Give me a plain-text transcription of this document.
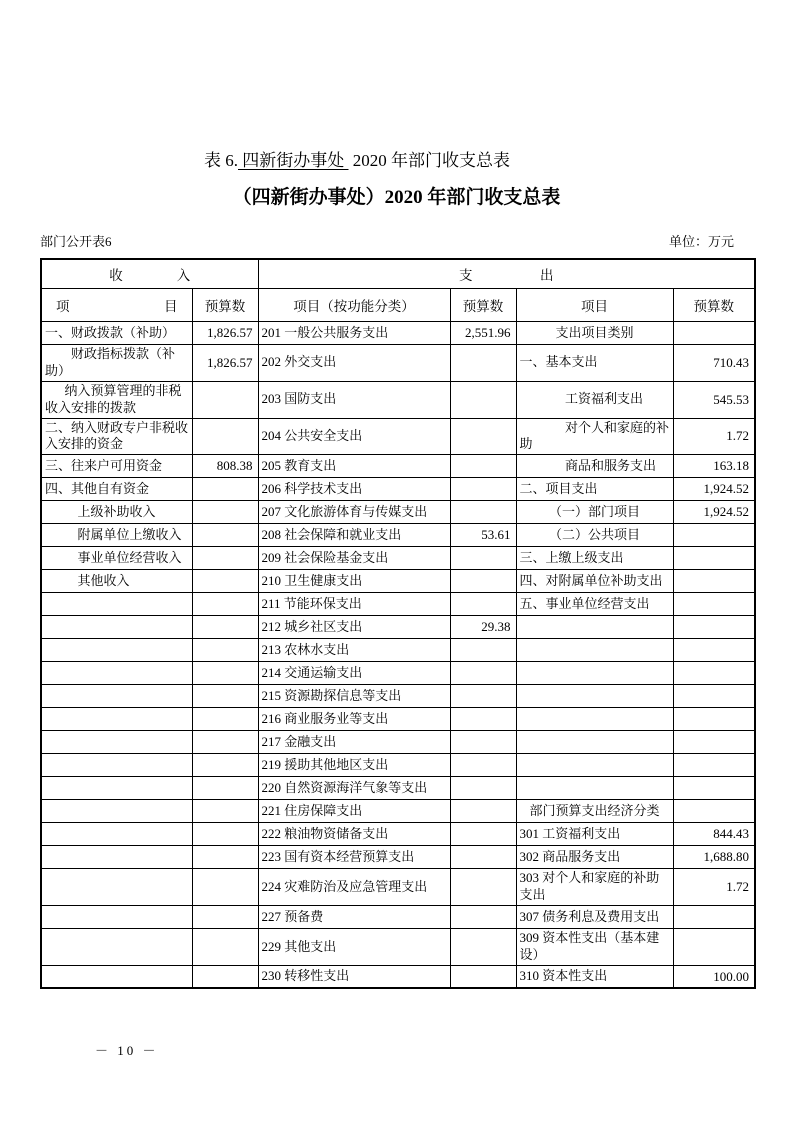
表 6. 四新街办事处  2020 年部门收支总表
（四新街办事处）2020 年部门收支总表
部门公开表6	单位：万元
收　　　　入		支　　　　　出			
项　　　　　　　目	预算数	项目（按功能分类）	预算数	项目	预算数
一、财政拨款（补助）	1,826.57	201 一般公共服务支出	2,551.96	支出项目类别	
财政指标拨款（补助）	1,826.57	202 外交支出		一、基本支出	710.43
纳入预算管理的非税收入安排的拨款		203 国防支出		工资福利支出	545.53
二、纳入财政专户非税收入安排的资金		204 公共安全支出		对个人和家庭的补助	1.72
三、往来户可用资金	808.38	205 教育支出		商品和服务支出	163.18
四、其他自有资金		206 科学技术支出		二、项目支出	1,924.52
上级补助收入		207 文化旅游体育与传媒支出		（一）部门项目	1,924.52
附属单位上缴收入		208 社会保障和就业支出	53.61	（二）公共项目	
事业单位经营收入		209 社会保险基金支出		三、上缴上级支出	
其他收入		210 卫生健康支出		四、对附属单位补助支出	
		211 节能环保支出		五、事业单位经营支出	
		212 城乡社区支出	29.38		
		213 农林水支出			
		214 交通运输支出			
		215 资源勘探信息等支出			
		216 商业服务业等支出			
		217 金融支出			
		219 援助其他地区支出			
		220 自然资源海洋气象等支出			
		221 住房保障支出		部门预算支出经济分类	
		222 粮油物资储备支出		301 工资福利支出	844.43
		223 国有资本经营预算支出		302 商品服务支出	1,688.80
		224 灾难防治及应急管理支出		303 对个人和家庭的补助支出	1.72
		227 预备费		307 债务利息及费用支出	
		229 其他支出		309 资本性支出（基本建设）	
		230 转移性支出		310 资本性支出	100.00
－ 10 －
